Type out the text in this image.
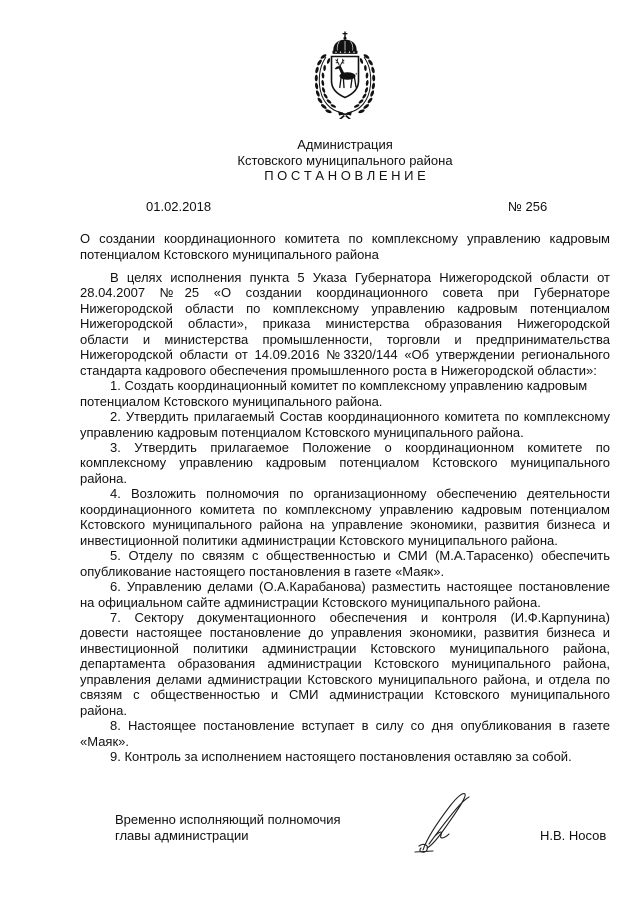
Администрация
Кстовского муниципального района
П О С Т А Н О В Л Е Н И Е
01.02.2018	№ 256
О создании координационного комитета по комплексному управлению кадровым
потенциалом Кстовского муниципального района
В целях исполнения пункта 5 Указа Губернатора Нижегородской области от
28.04.2007 №25 «О создании координационного совета при Губернаторе
Нижегородской области по комплексному управлению кадровым потенциалом
Нижегородской области», приказа министерства образования Нижегородской
области и министерства промышленности, торговли и предпринимательства
Нижегородской области от 14.09.2016 №3320/144 «Об утверждении регионального
стандарта кадрового обеспечения промышленного роста в Нижегородской области»:
1. Создать координационный комитет по комплексному управлению кадровым
потенциалом Кстовского муниципального района.
2. Утвердить прилагаемый Состав координационного комитета по комплексному
управлению кадровым потенциалом Кстовского муниципального района.
3. Утвердить прилагаемое Положение о координационном комитете по
комплексному управлению кадровым потенциалом Кстовского муниципального
района.
4. Возложить полномочия по организационному обеспечению деятельности
координационного комитета по комплексному управлению кадровым потенциалом
Кстовского муниципального района на управление экономики, развития бизнеса и
инвестиционной политики администрации Кстовского муниципального района.
5. Отделу по связям с общественностью и СМИ (М.А.Тарасенко) обеспечить
опубликование настоящего постановления в газете «Маяк».
6. Управлению делами (О.А.Карабанова) разместить настоящее постановление
на официальном сайте администрации Кстовского муниципального района.
7. Сектору документационного обеспечения и контроля (И.Ф.Карпунина)
довести настоящее постановление до управления экономики, развития бизнеса и
инвестиционной политики администрации Кстовского муниципального района,
департамента образования администрации Кстовского муниципального района,
управления делами администрации Кстовского муниципального района, и отдела по
связям с общественностью и СМИ администрации Кстовского муниципального
района.
8. Настоящее постановление вступает в силу со дня опубликования в газете
«Маяк».
9. Контроль за исполнением настоящего постановления оставляю за собой.
Временно исполняющий полномочия
главы администрации	Н.В. Носов
